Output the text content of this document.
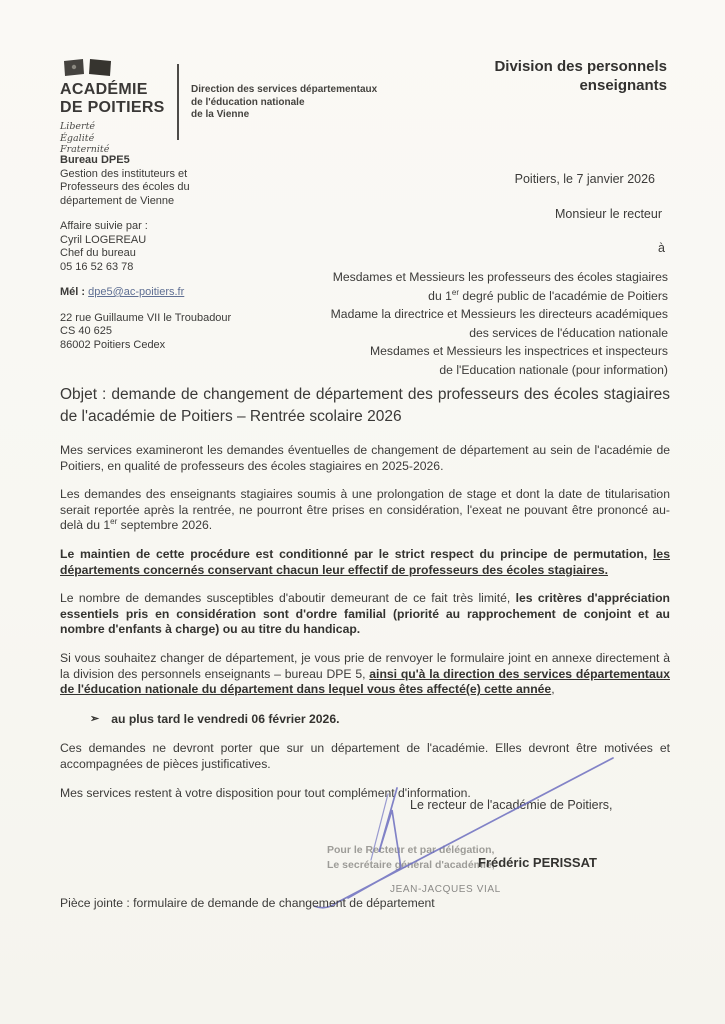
ACADÉMIE
DE POITIERS
Liberté
Égalité
Fraternité
Direction des services départementaux
de l'éducation nationale
de la Vienne
Division des personnels
enseignants
Bureau DPE5
Gestion des instituteurs et
Professeurs des écoles du
département de Vienne
Affaire suivie par :
Cyril LOGEREAU
Chef du bureau
05 16 52 63 78
Mél : dpe5@ac-poitiers.fr
22 rue Guillaume VII le Troubadour
CS 40 625
86002 Poitiers Cedex
Poitiers, le 7 janvier 2026
Monsieur le recteur
à
Mesdames et Messieurs les professeurs des écoles stagiaires
du 1er degré public de l'académie de Poitiers
Madame la directrice et Messieurs les directeurs académiques
des services de l'éducation nationale
Mesdames et Messieurs les inspectrices et inspecteurs
de l'Education nationale (pour information)
Objet : demande de changement de département des professeurs des écoles stagiaires de l'académie de Poitiers – Rentrée scolaire 2026

Mes services examineront les demandes éventuelles de changement de département au sein de l'académie de Poitiers, en qualité de professeurs des écoles stagiaires en 2025-2026.

Les demandes des enseignants stagiaires soumis à une prolongation de stage et dont la date de titularisation serait reportée après la rentrée, ne pourront être prises en considération, l'exeat ne pouvant être prononcé au-delà du 1er septembre 2026.

Le maintien de cette procédure est conditionné par le strict respect du principe de permutation, les départements concernés conservant chacun leur effectif de professeurs des écoles stagiaires.

Le nombre de demandes susceptibles d'aboutir demeurant de ce fait très limité, les critères d'appréciation essentiels pris en considération sont d'ordre familial (priorité au rapprochement de conjoint et au nombre d'enfants à charge) ou au titre du handicap.

Si vous souhaitez changer de département, je vous prie de renvoyer le formulaire joint en annexe directement à la division des personnels enseignants – bureau DPE 5, ainsi qu'à la direction des services départementaux de l'éducation nationale du département dans lequel vous êtes affecté(e) cette année,

➢ au plus tard le vendredi 06 février 2026.

Ces demandes ne devront porter que sur un département de l'académie. Elles devront être motivées et accompagnées de pièces justificatives.

Mes services restent à votre disposition pour tout complément d'information.

Le recteur de l'académie de Poitiers,
Pour le Recteur et par délégation,
Le secrétaire général d'académie,
Frédéric PERISSAT
JEAN-JACQUES VIAL
Pièce jointe : formulaire de demande de changement de département
